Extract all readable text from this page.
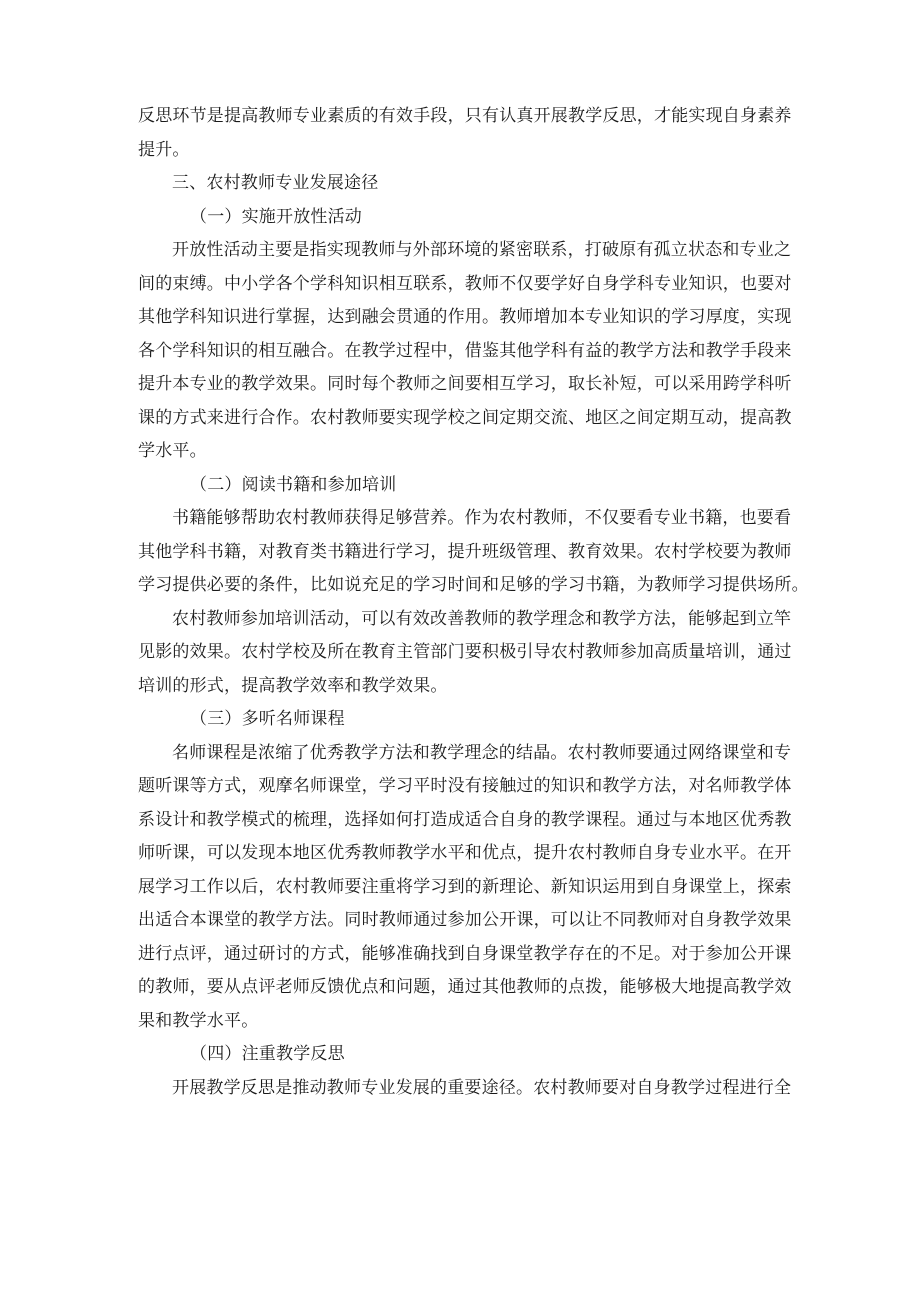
反思环节是提高教师专业素质的有效手段，只有认真开展教学反思，才能实现自身素养
提升。
三、农村教师专业发展途径
（一）实施开放性活动
开放性活动主要是指实现教师与外部环境的紧密联系，打破原有孤立状态和专业之
间的束缚。中小学各个学科知识相互联系，教师不仅要学好自身学科专业知识，也要对
其他学科知识进行掌握，达到融会贯通的作用。教师增加本专业知识的学习厚度，实现
各个学科知识的相互融合。在教学过程中，借鉴其他学科有益的教学方法和教学手段来
提升本专业的教学效果。同时每个教师之间要相互学习，取长补短，可以采用跨学科听
课的方式来进行合作。农村教师要实现学校之间定期交流、地区之间定期互动，提高教
学水平。
（二）阅读书籍和参加培训
书籍能够帮助农村教师获得足够营养。作为农村教师，不仅要看专业书籍，也要看
其他学科书籍，对教育类书籍进行学习，提升班级管理、教育效果。农村学校要为教师
学习提供必要的条件，比如说充足的学习时间和足够的学习书籍，为教师学习提供场所。
农村教师参加培训活动，可以有效改善教师的教学理念和教学方法，能够起到立竿
见影的效果。农村学校及所在教育主管部门要积极引导农村教师参加高质量培训，通过
培训的形式，提高教学效率和教学效果。
（三）多听名师课程
名师课程是浓缩了优秀教学方法和教学理念的结晶。农村教师要通过网络课堂和专
题听课等方式，观摩名师课堂，学习平时没有接触过的知识和教学方法，对名师教学体
系设计和教学模式的梳理，选择如何打造成适合自身的教学课程。通过与本地区优秀教
师听课，可以发现本地区优秀教师教学水平和优点，提升农村教师自身专业水平。在开
展学习工作以后，农村教师要注重将学习到的新理论、新知识运用到自身课堂上，探索
出适合本课堂的教学方法。同时教师通过参加公开课，可以让不同教师对自身教学效果
进行点评，通过研讨的方式，能够准确找到自身课堂教学存在的不足。对于参加公开课
的教师，要从点评老师反馈优点和问题，通过其他教师的点拨，能够极大地提高教学效
果和教学水平。
（四）注重教学反思
开展教学反思是推动教师专业发展的重要途径。农村教师要对自身教学过程进行全
